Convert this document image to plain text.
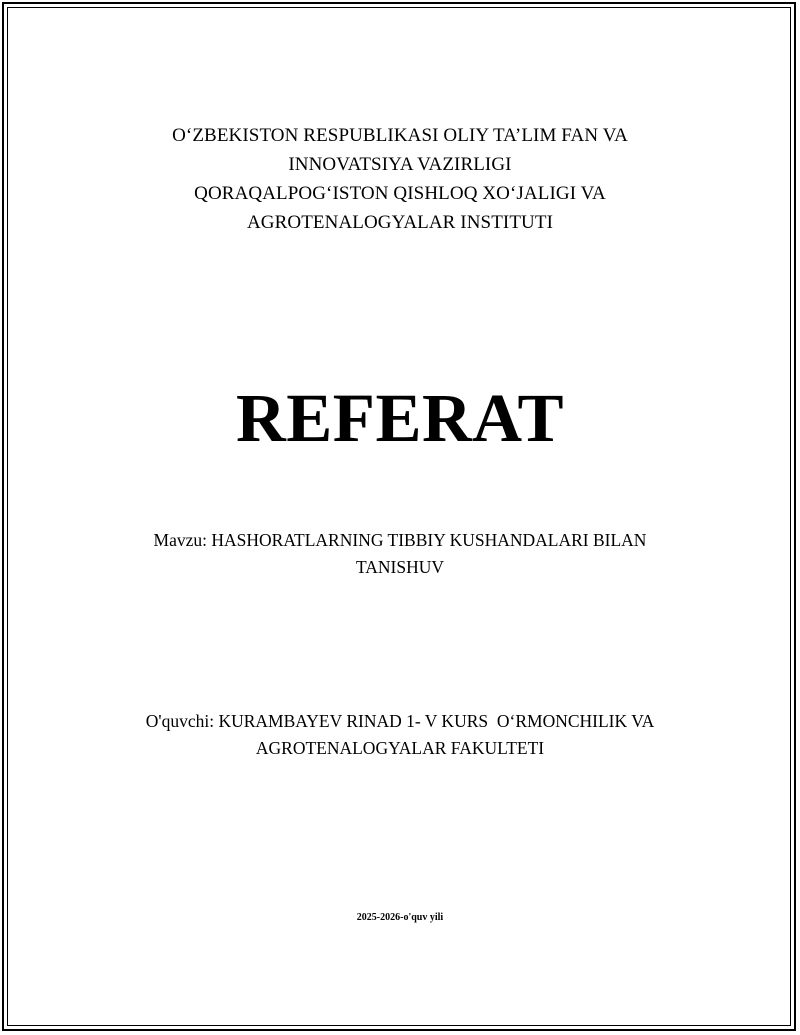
O‘ZBEKISTON RESPUBLIKASI OLIY TA’LIM FAN VA
INNOVATSIYA VAZIRLIGI
QORAQALPOG‘ISTON QISHLOQ XO‘JALIGI VA
AGROTENALOGYALAR INSTITUTI
REFERAT
Mavzu: HASHORATLARNING TIBBIY KUSHANDALARI BILAN
TANISHUV
O'quvchi: KURAMBAYEV RINAD 1- V KURS  O‘RMONCHILIK VA
AGROTENALOGYALAR FAKULTETI
2025-2026-o'quv yili
